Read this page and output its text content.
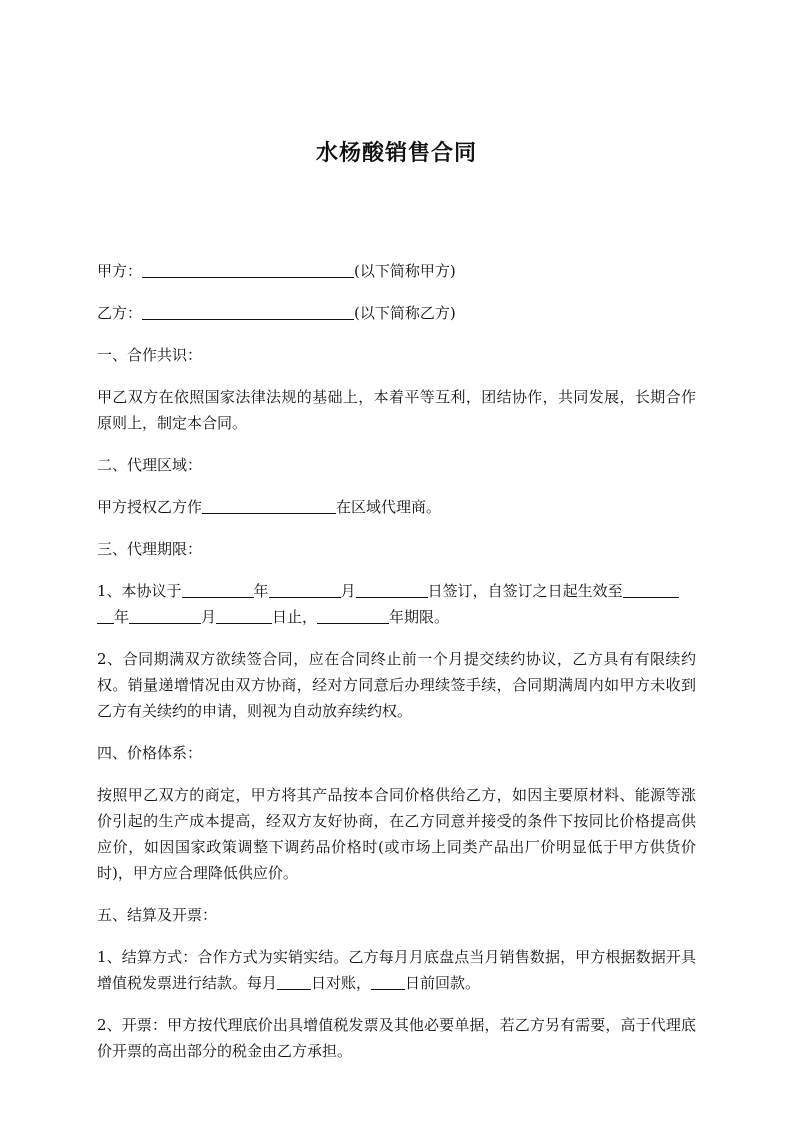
水杨酸销售合同

甲方：	(以下简称甲方)

乙方：	(以下简称乙方)

一、合作共识：

甲乙双方在依照国家法律法规的基础上，本着平等互利，团结协作，共同发展，长期合作原则上，制定本合同。

二、代理区域：

甲方授权乙方作	在区域代理商。

三、代理期限：

1、本协议于	年	月	日签订，自签订之日起生效至
年	月	日止，	年期限。

2、合同期满双方欲续签合同，应在合同终止前一个月提交续约协议，乙方具有有限续约权。销量递增情况由双方协商，经对方同意后办理续签手续，合同期满周内如甲方未收到乙方有关续约的申请，则视为自动放弃续约权。

四、价格体系：

按照甲乙双方的商定，甲方将其产品按本合同价格供给乙方，如因主要原材料、能源等涨价引起的生产成本提高，经双方友好协商，在乙方同意并接受的条件下按同比价格提高供应价，如因国家政策调整下调药品价格时(或市场上同类产品出厂价明显低于甲方供货价时)，甲方应合理降低供应价。

五、结算及开票：

1、结算方式：合作方式为实销实结。乙方每月月底盘点当月销售数据，甲方根据数据开具增值税发票进行结款。每月 日对账， 日前回款。

2、开票：甲方按代理底价出具增值税发票及其他必要单据，若乙方另有需要，高于代理底价开票的高出部分的税金由乙方承担。
